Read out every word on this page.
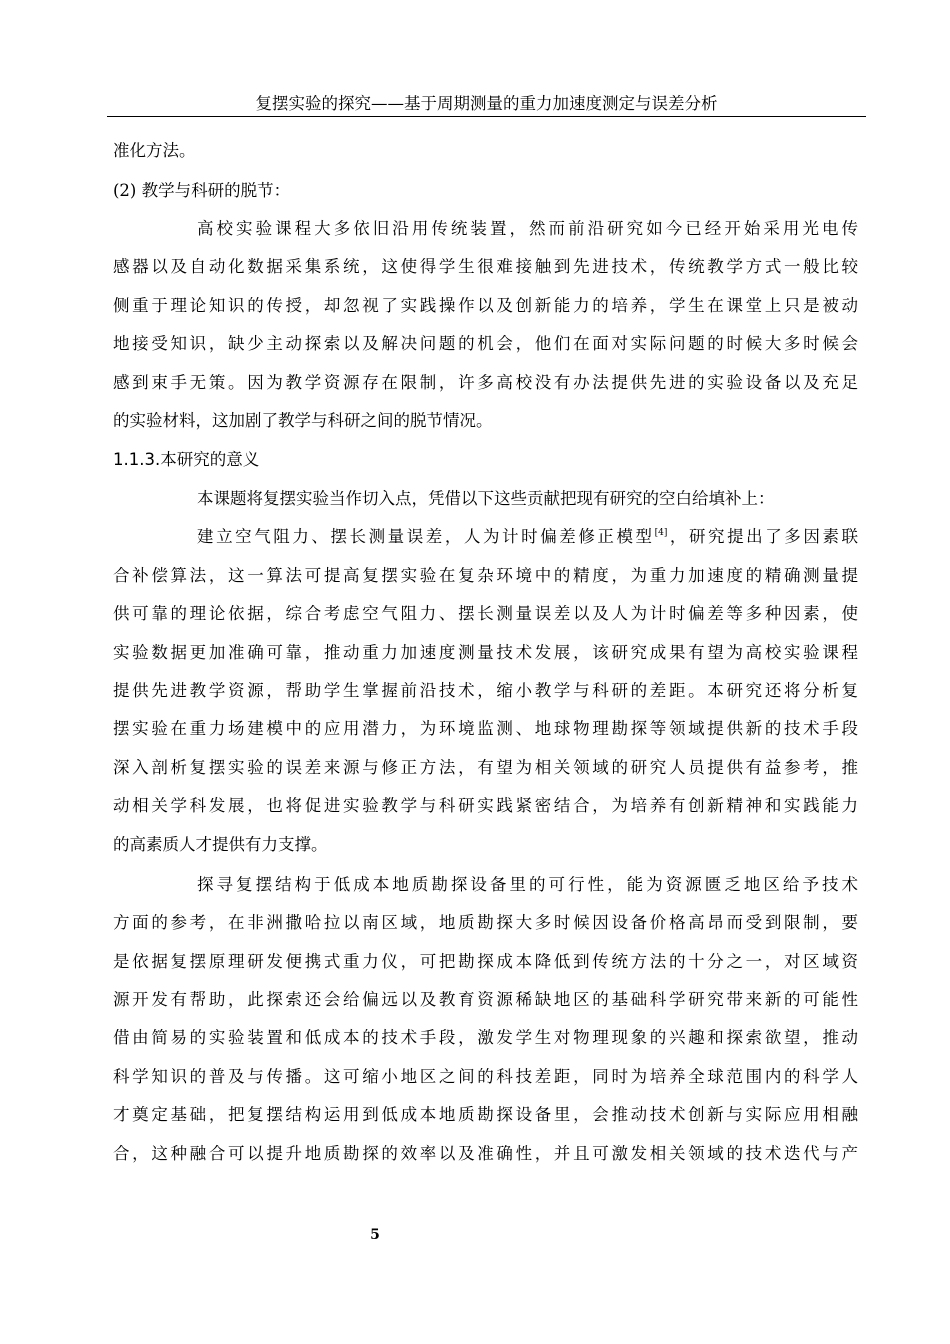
复摆实验的探究——基于周期测量的重力加速度测定与误差分析
准化方法。
(2) 教学与科研的脱节：
高校实验课程大多依旧沿用传统装置，然而前沿研究如今已经开始采用光电传
感器以及自动化数据采集系统，这使得学生很难接触到先进技术，传统教学方式一般比较
侧重于理论知识的传授，却忽视了实践操作以及创新能力的培养，学生在课堂上只是被动
地接受知识，缺少主动探索以及解决问题的机会，他们在面对实际问题的时候大多时候会
感到束手无策。因为教学资源存在限制，许多高校没有办法提供先进的实验设备以及充足
的实验材料，这加剧了教学与科研之间的脱节情况。
1.1.3.本研究的意义
本课题将复摆实验当作切入点，凭借以下这些贡献把现有研究的空白给填补上：
建立空气阻力、摆长测量误差，人为计时偏差修正模型[4]，研究提出了多因素联
合补偿算法，这一算法可提高复摆实验在复杂环境中的精度，为重力加速度的精确测量提
供可靠的理论依据，综合考虑空气阻力、摆长测量误差以及人为计时偏差等多种因素，使
实验数据更加准确可靠，推动重力加速度测量技术发展，该研究成果有望为高校实验课程
提供先进教学资源，帮助学生掌握前沿技术，缩小教学与科研的差距。本研究还将分析复
摆实验在重力场建模中的应用潜力，为环境监测、地球物理勘探等领域提供新的技术手段
深入剖析复摆实验的误差来源与修正方法，有望为相关领域的研究人员提供有益参考，推
动相关学科发展，也将促进实验教学与科研实践紧密结合，为培养有创新精神和实践能力
的高素质人才提供有力支撑。
探寻复摆结构于低成本地质勘探设备里的可行性，能为资源匮乏地区给予技术
方面的参考，在非洲撒哈拉以南区域，地质勘探大多时候因设备价格高昂而受到限制，要
是依据复摆原理研发便携式重力仪，可把勘探成本降低到传统方法的十分之一，对区域资
源开发有帮助，此探索还会给偏远以及教育资源稀缺地区的基础科学研究带来新的可能性
借由简易的实验装置和低成本的技术手段，激发学生对物理现象的兴趣和探索欲望，推动
科学知识的普及与传播。这可缩小地区之间的科技差距，同时为培养全球范围内的科学人
才奠定基础，把复摆结构运用到低成本地质勘探设备里，会推动技术创新与实际应用相融
合，这种融合可以提升地质勘探的效率以及准确性，并且可激发相关领域的技术迭代与产
5
